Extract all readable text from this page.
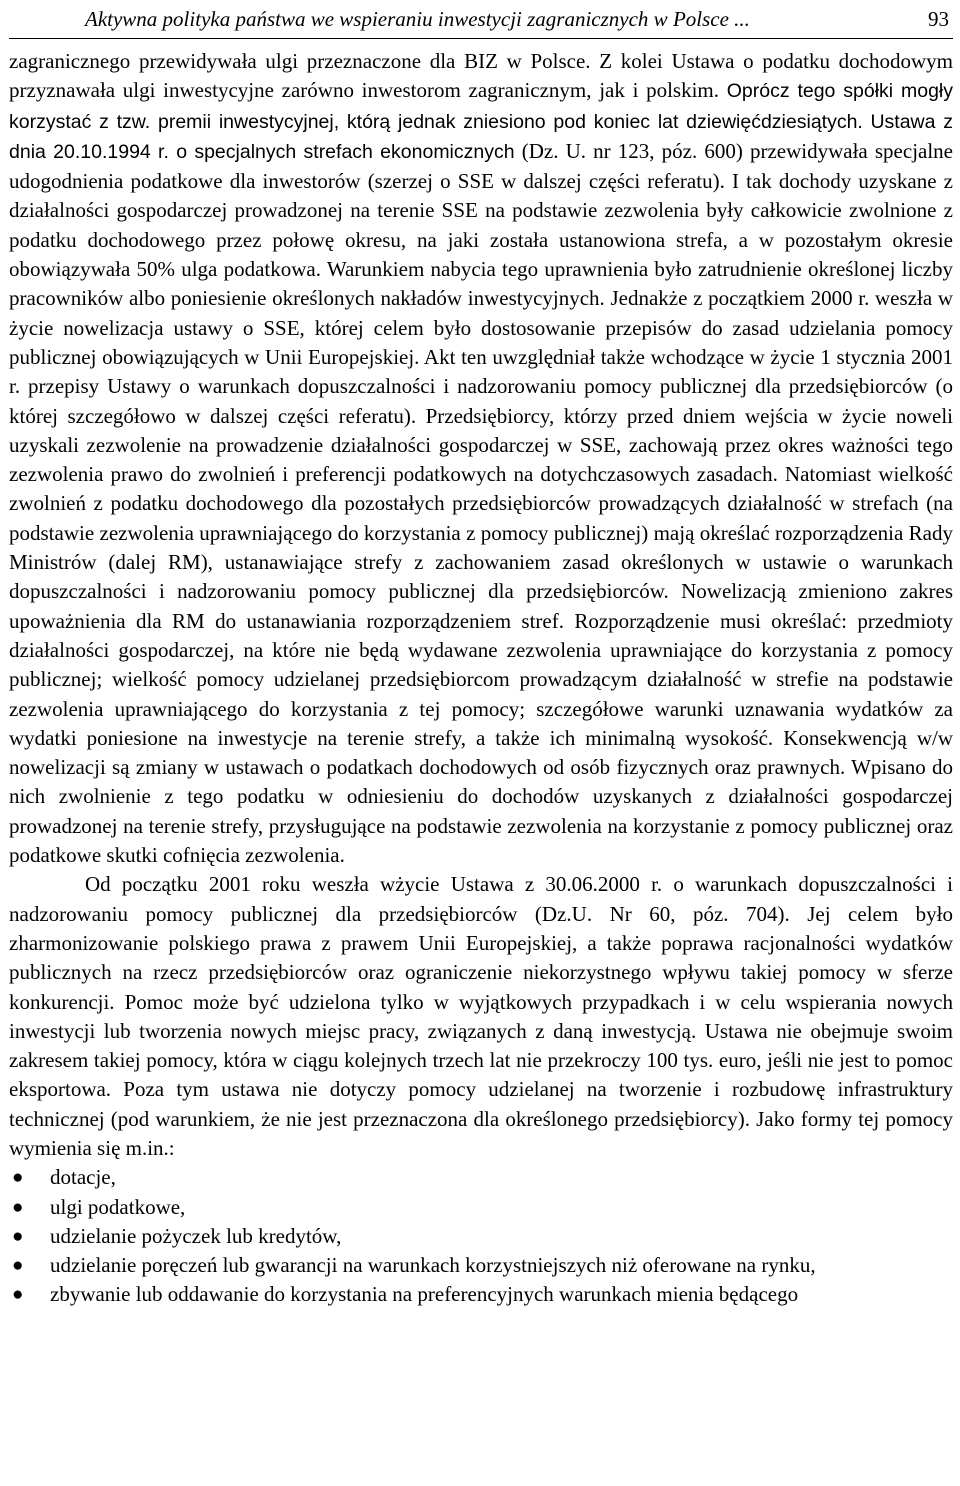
Aktywna polityka państwa we wspieraniu inwestycji zagranicznych w Polsce ...	93

zagranicznego przewidywała ulgi przeznaczone dla BIZ w Polsce. Z kolei Ustawa o podatku dochodowym przyznawała ulgi inwestycyjne zarówno inwestorom zagranicznym, jak i polskim. Oprócz tego spółki mogły korzystać z tzw. premii inwestycyjnej, którą jednak zniesiono pod koniec lat dziewięćdziesiątych. Ustawa z dnia 20.10.1994 r. o specjalnych strefach ekonomicznych (Dz. U. nr 123, póz. 600) przewidywała specjalne udogodnienia podatkowe dla inwestorów (szerzej o SSE w dalszej części referatu). I tak dochody uzyskane z działalności gospodarczej prowadzonej na terenie SSE na podstawie zezwolenia były całkowicie zwolnione z podatku dochodowego przez połowę okresu, na jaki została ustanowiona strefa, a w pozostałym okresie obowiązywała 50% ulga podatkowa. Warunkiem nabycia tego uprawnienia było zatrudnienie określonej liczby pracowników albo poniesienie określonych nakładów inwestycyjnych. Jednakże z początkiem 2000 r. weszła w życie nowelizacja ustawy o SSE, której celem było dostosowanie przepisów do zasad udzielania pomocy publicznej obowiązujących w Unii Europejskiej. Akt ten uwzględniał także wchodzące w życie 1 stycznia 2001 r. przepisy Ustawy o warunkach dopuszczalności i nadzorowaniu pomocy publicznej dla przedsiębiorców (o której szczegółowo w dalszej części referatu). Przedsiębiorcy, którzy przed dniem wejścia w życie noweli uzyskali zezwolenie na prowadzenie działalności gospodarczej w SSE, zachowają przez okres ważności tego zezwolenia prawo do zwolnień i preferencji podatkowych na dotychczasowych zasadach. Natomiast wielkość zwolnień z podatku dochodowego dla pozostałych przedsiębiorców prowadzących działalność w strefach (na podstawie zezwolenia uprawniającego do korzystania z pomocy publicznej) mają określać rozporządzenia Rady Ministrów (dalej RM), ustanawiające strefy z zachowaniem zasad określonych w ustawie o warunkach dopuszczalności i nadzorowaniu pomocy publicznej dla przedsiębiorców. Nowelizacją zmieniono zakres upoważnienia dla RM do ustanawiania rozporządzeniem stref. Rozporządzenie musi określać: przedmioty działalności gospodarczej, na które nie będą wydawane zezwolenia uprawniające do korzystania z pomocy publicznej; wielkość pomocy udzielanej przedsiębiorcom prowadzącym działalność w strefie na podstawie zezwolenia uprawniającego do korzystania z tej pomocy; szczegółowe warunki uznawania wydatków za wydatki poniesione na inwestycje na terenie strefy, a także ich minimalną wysokość. Konsekwencją w/w nowelizacji są zmiany w ustawach o podatkach dochodowych od osób fizycznych oraz prawnych. Wpisano do nich zwolnienie z tego podatku w odniesieniu do dochodów uzyskanych z działalności gospodarczej prowadzonej na terenie strefy, przysługujące na podstawie zezwolenia na korzystanie z pomocy publicznej oraz podatkowe skutki cofnięcia zezwolenia.

Od początku 2001 roku weszła wżycie Ustawa z 30.06.2000 r. o warunkach dopuszczalności i nadzorowaniu pomocy publicznej dla przedsiębiorców (Dz.U. Nr 60, póz. 704). Jej celem było zharmonizowanie polskiego prawa z prawem Unii Europejskiej, a także poprawa racjonalności wydatków publicznych na rzecz przedsiębiorców oraz ograniczenie niekorzystnego wpływu takiej pomocy w sferze konkurencji. Pomoc może być udzielona tylko w wyjątkowych przypadkach i w celu wspierania nowych inwestycji lub tworzenia nowych miejsc pracy, związanych z daną inwestycją. Ustawa nie obejmuje swoim zakresem takiej pomocy, która w ciągu kolejnych trzech lat nie przekroczy 100 tys. euro, jeśli nie jest to pomoc eksportowa. Poza tym ustawa nie dotyczy pomocy udzielanej na tworzenie i rozbudowę infrastruktury technicznej (pod warunkiem, że nie jest przeznaczona dla określonego przedsiębiorcy). Jako formy tej pomocy wymienia się m.in.:

● dotacje,
● ulgi podatkowe,
● udzielanie pożyczek lub kredytów,
● udzielanie poręczeń lub gwarancji na warunkach korzystniejszych niż oferowane na rynku,
● zbywanie lub oddawanie do korzystania na preferencyjnych warunkach mienia będącego
